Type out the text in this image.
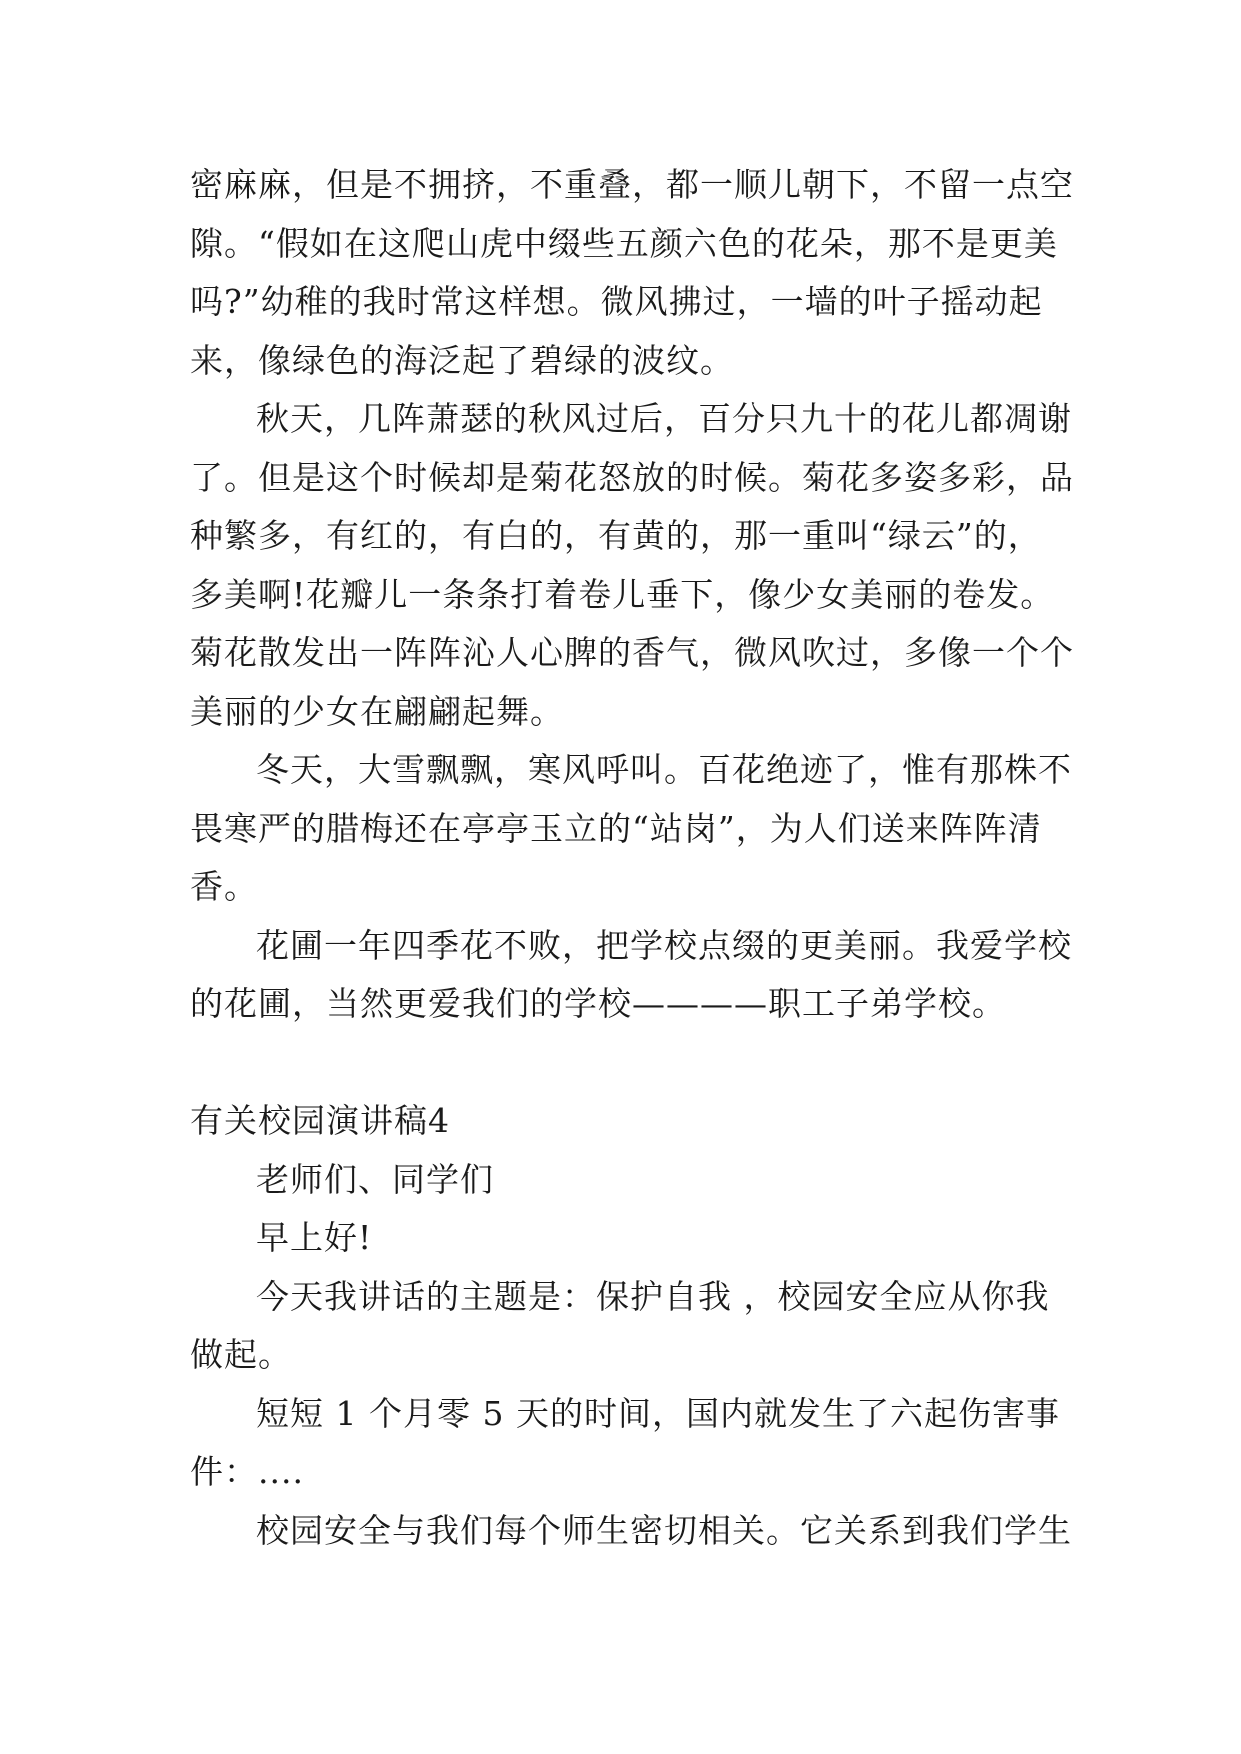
密麻麻，但是不拥挤，不重叠，都一顺儿朝下，不留一点空
隙。“假如在这爬山虎中缀些五颜六色的花朵，那不是更美
吗?”幼稚的我时常这样想。微风拂过，一墙的叶子摇动起
来，像绿色的海泛起了碧绿的波纹。
秋天，几阵萧瑟的秋风过后，百分只九十的花儿都凋谢
了。但是这个时候却是菊花怒放的时候。菊花多姿多彩，品
种繁多，有红的，有白的，有黄的，那一重叫“绿云”的，
多美啊!花瓣儿一条条打着卷儿垂下，像少女美丽的卷发。
菊花散发出一阵阵沁人心脾的香气，微风吹过，多像一个个
美丽的少女在翩翩起舞。
冬天，大雪飘飘，寒风呼叫。百花绝迹了，惟有那株不
畏寒严的腊梅还在亭亭玉立的“站岗”，为人们送来阵阵清
香。
花圃一年四季花不败，把学校点缀的更美丽。我爱学校
的花圃，当然更爱我们的学校————职工子弟学校。
有关校园演讲稿4
老师们、同学们
早上好!
今天我讲话的主题是：保护自我 ，校园安全应从你我
做起。
短短 1 个月零 5 天的时间，国内就发生了六起伤害事
件：....
校园安全与我们每个师生密切相关。它关系到我们学生
